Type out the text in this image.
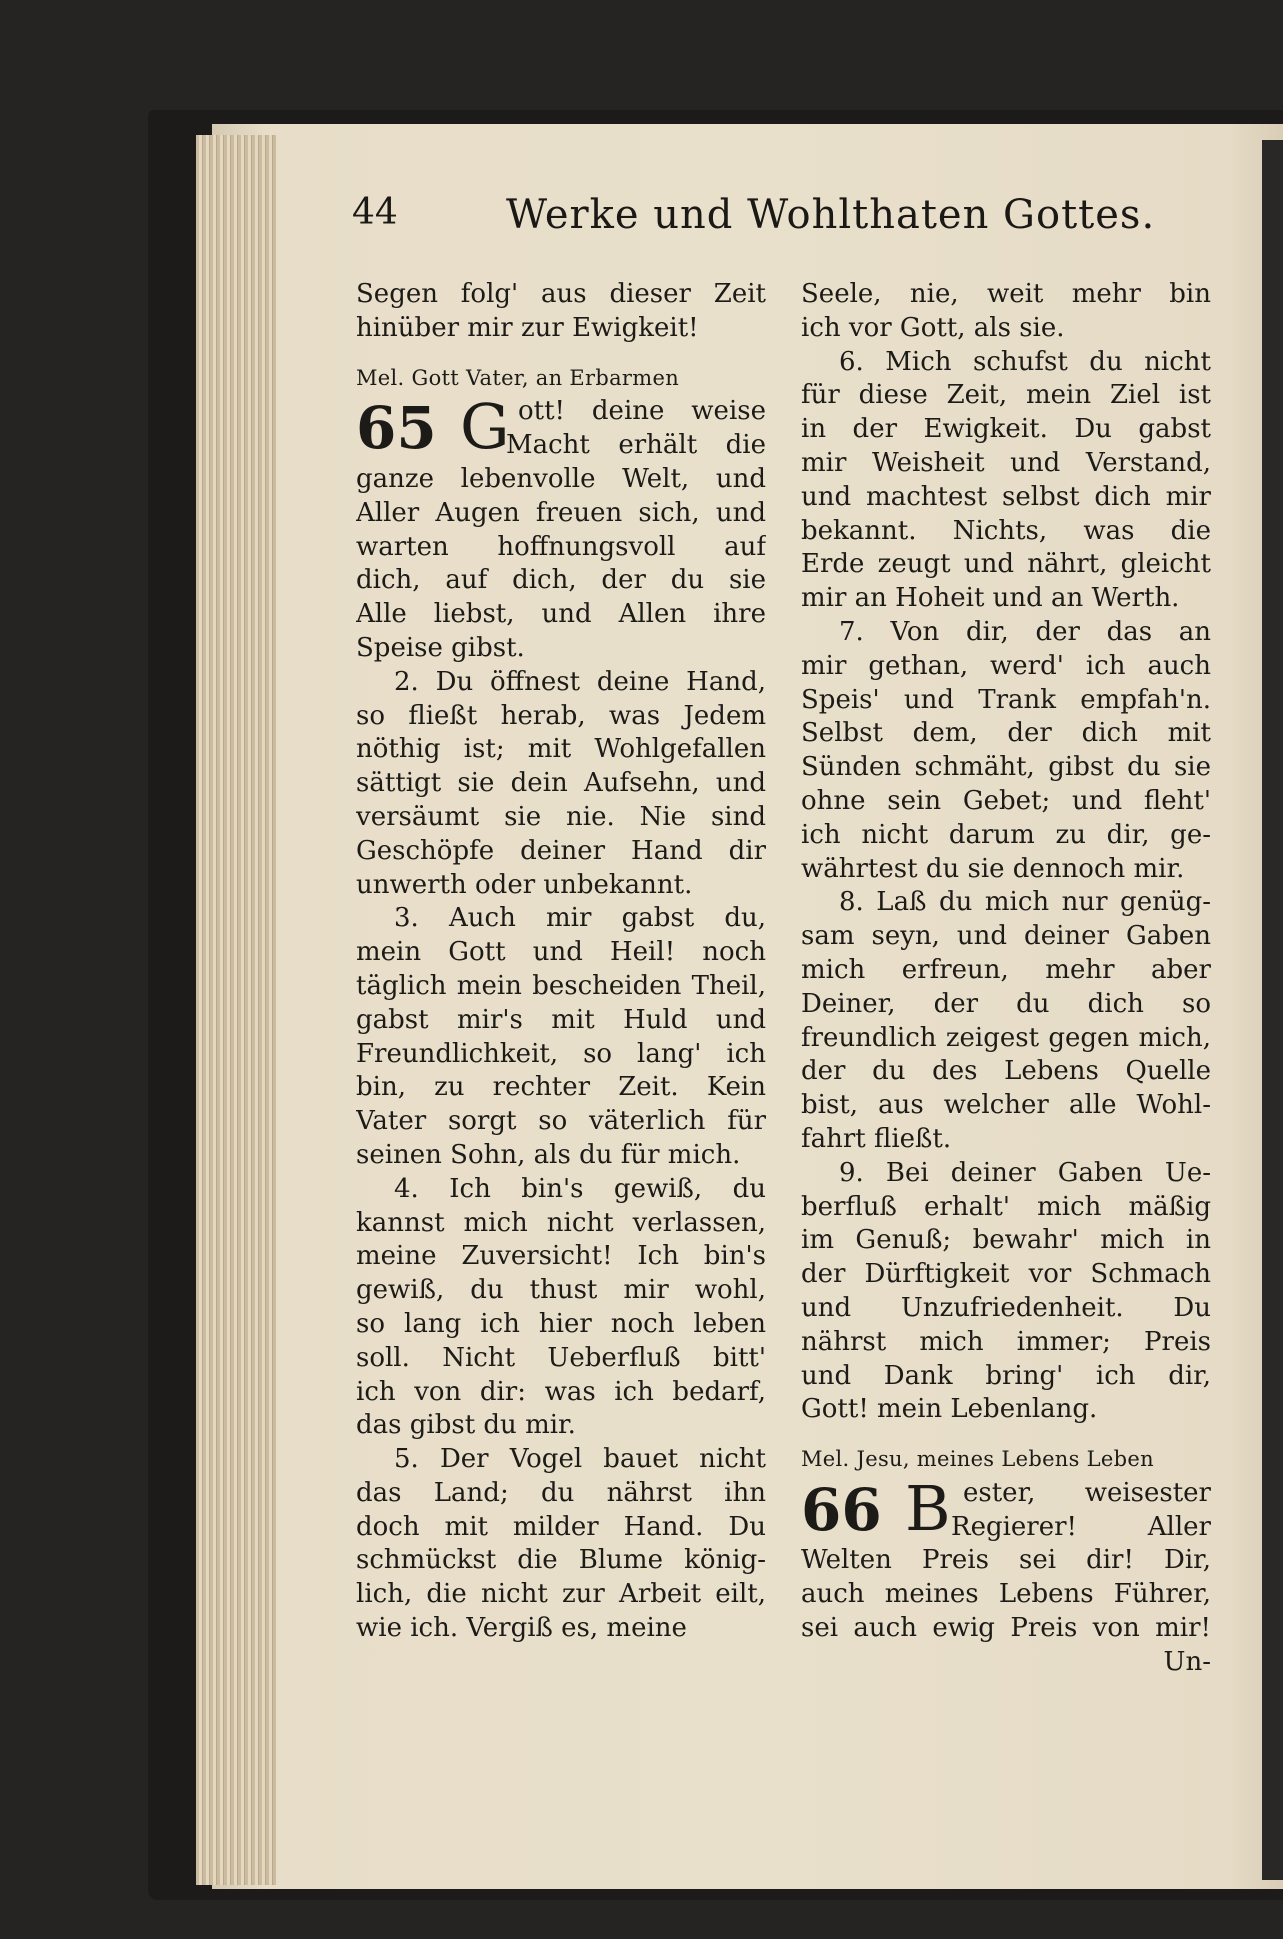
44	Werke und Wohlthaten Gottes.
Segen folg' aus dieser Zeit
hinüber mir zur Ewigkeit!
Mel. Gott Vater, an Erbarmen
65 G ott! deine weise
Macht erhält die
ganze lebenvolle Welt, und
Aller Augen freuen sich, und
warten hoffnungsvoll auf
dich, auf dich, der du sie
Alle liebst, und Allen ihre
Speise gibst.
2. Du öffnest deine Hand,
so fließt herab, was Jedem
nöthig ist; mit Wohlgefallen
sättigt sie dein Aufsehn, und
versäumt sie nie. Nie sind
Geschöpfe deiner Hand dir
unwerth oder unbekannt.
3. Auch mir gabst du,
mein Gott und Heil! noch
täglich mein bescheiden Theil,
gabst mir's mit Huld und
Freundlichkeit, so lang' ich
bin, zu rechter Zeit. Kein
Vater sorgt so väterlich für
seinen Sohn, als du für mich.
4. Ich bin's gewiß, du
kannst mich nicht verlassen,
meine Zuversicht! Ich bin's
gewiß, du thust mir wohl,
so lang ich hier noch leben
soll. Nicht Ueberfluß bitt'
ich von dir: was ich bedarf,
das gibst du mir.
5. Der Vogel bauet nicht
das Land; du nährst ihn
doch mit milder Hand. Du
schmückst die Blume könig-
lich, die nicht zur Arbeit eilt,
wie ich. Vergiß es, meine
Seele, nie, weit mehr bin
ich vor Gott, als sie.
6. Mich schufst du nicht
für diese Zeit, mein Ziel ist
in der Ewigkeit. Du gabst
mir Weisheit und Verstand,
und machtest selbst dich mir
bekannt. Nichts, was die
Erde zeugt und nährt, gleicht
mir an Hoheit und an Werth.
7. Von dir, der das an
mir gethan, werd' ich auch
Speis' und Trank empfah'n.
Selbst dem, der dich mit
Sünden schmäht, gibst du sie
ohne sein Gebet; und fleht'
ich nicht darum zu dir, ge-
währtest du sie dennoch mir.
8. Laß du mich nur genüg-
sam seyn, und deiner Gaben
mich erfreun, mehr aber
Deiner, der du dich so
freundlich zeigest gegen mich,
der du des Lebens Quelle
bist, aus welcher alle Wohl-
fahrt fließt.
9. Bei deiner Gaben Ue-
berfluß erhalt' mich mäßig
im Genuß; bewahr' mich in
der Dürftigkeit vor Schmach
und Unzufriedenheit. Du
nährst mich immer; Preis
und Dank bring' ich dir,
Gott! mein Lebenlang.
Mel. Jesu, meines Lebens Leben
66 B ester, weisester
Regierer! Aller
Welten Preis sei dir! Dir,
auch meines Lebens Führer,
sei auch ewig Preis von mir!
Un-
